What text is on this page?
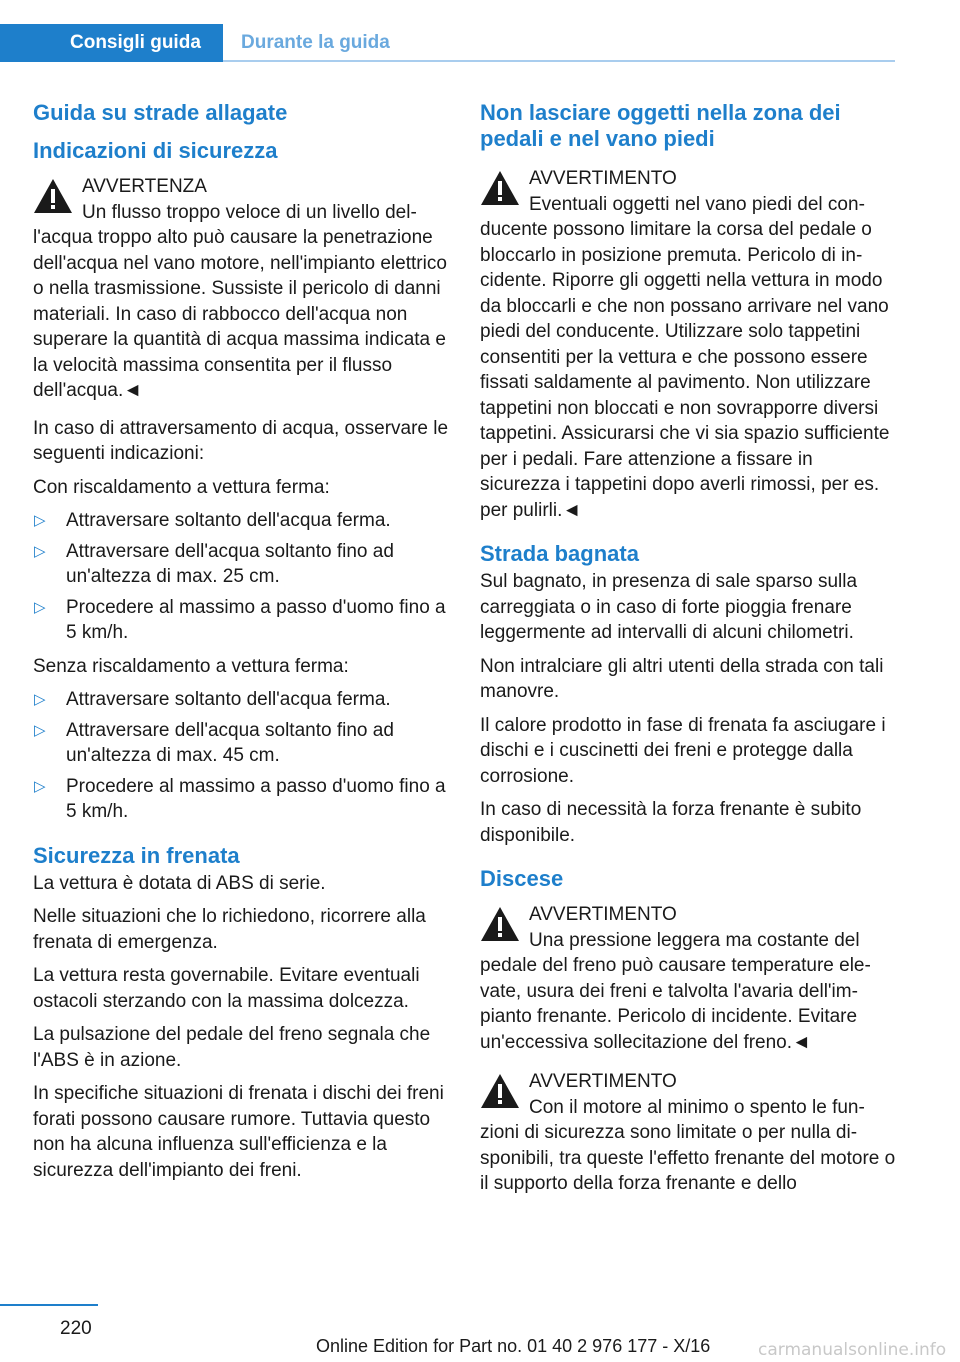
Consigli guida Durante la guida
Guida su strade allagate
Indicazioni di sicurezza
AVVERTENZA
Un flusso troppo veloce di un livello dell'acqua troppo alto può causare la penetrazione dell'acqua nel vano motore, nell'impianto elettrico o nella trasmissione. Sussiste il pericolo di danni materiali. In caso di rabbocco dell'acqua non superare la quantità di acqua massima indicata e la velocità massima consentita per il flusso dell'acqua.◄
In caso di attraversamento di acqua, osservare le seguenti indicazioni:
Con riscaldamento a vettura ferma:
▷ Attraversare soltanto dell'acqua ferma.
▷ Attraversare dell'acqua soltanto fino ad un'altezza di max. 25 cm.
▷ Procedere al massimo a passo d'uomo fino a 5 km/h.
Senza riscaldamento a vettura ferma:
▷ Attraversare soltanto dell'acqua ferma.
▷ Attraversare dell'acqua soltanto fino ad un'altezza di max. 45 cm.
▷ Procedere al massimo a passo d'uomo fino a 5 km/h.
Sicurezza in frenata
La vettura è dotata di ABS di serie.
Nelle situazioni che lo richiedono, ricorrere alla frenata di emergenza.
La vettura resta governabile. Evitare eventuali ostacoli sterzando con la massima dolcezza.
La pulsazione del pedale del freno segnala che l'ABS è in azione.
In specifiche situazioni di frenata i dischi dei freni forati possono causare rumore. Tuttavia questo non ha alcuna influenza sull'efficienza e la sicurezza dell'impianto dei freni.
Non lasciare oggetti nella zona dei pedali e nel vano piedi
AVVERTIMENTO
Eventuali oggetti nel vano piedi del conducente possono limitare la corsa del pedale o bloccarlo in posizione premuta. Pericolo di incidente. Riporre gli oggetti nella vettura in modo da bloccarli e che non possano arrivare nel vano piedi del conducente. Utilizzare solo tappetini consentiti per la vettura e che possono essere fissati saldamente al pavimento. Non utilizzare tappetini non bloccati e non sovrapporre diversi tappetini. Assicurarsi che vi sia spazio sufficiente per i pedali. Fare attenzione a fissare in sicurezza i tappetini dopo averli rimossi, per es. per pulirli.◄
Strada bagnata
Sul bagnato, in presenza di sale sparso sulla carreggiata o in caso di forte pioggia frenare leggermente ad intervalli di alcuni chilometri.
Non intralciare gli altri utenti della strada con tali manovre.
Il calore prodotto in fase di frenata fa asciugare i dischi e i cuscinetti dei freni e protegge dalla corrosione.
In caso di necessità la forza frenante è subito disponibile.
Discese
AVVERTIMENTO
Una pressione leggera ma costante del pedale del freno può causare temperature elevate, usura dei freni e talvolta l'avaria dell'impianto frenante. Pericolo di incidente. Evitare un'eccessiva sollecitazione del freno.◄
AVVERTIMENTO
Con il motore al minimo o spento le funzioni di sicurezza sono limitate o per nulla disponibili, tra queste l'effetto frenante del motore o il supporto della forza frenante e dello
220
Online Edition for Part no. 01 40 2 976 177 - X/16	carmanualsonline.info
